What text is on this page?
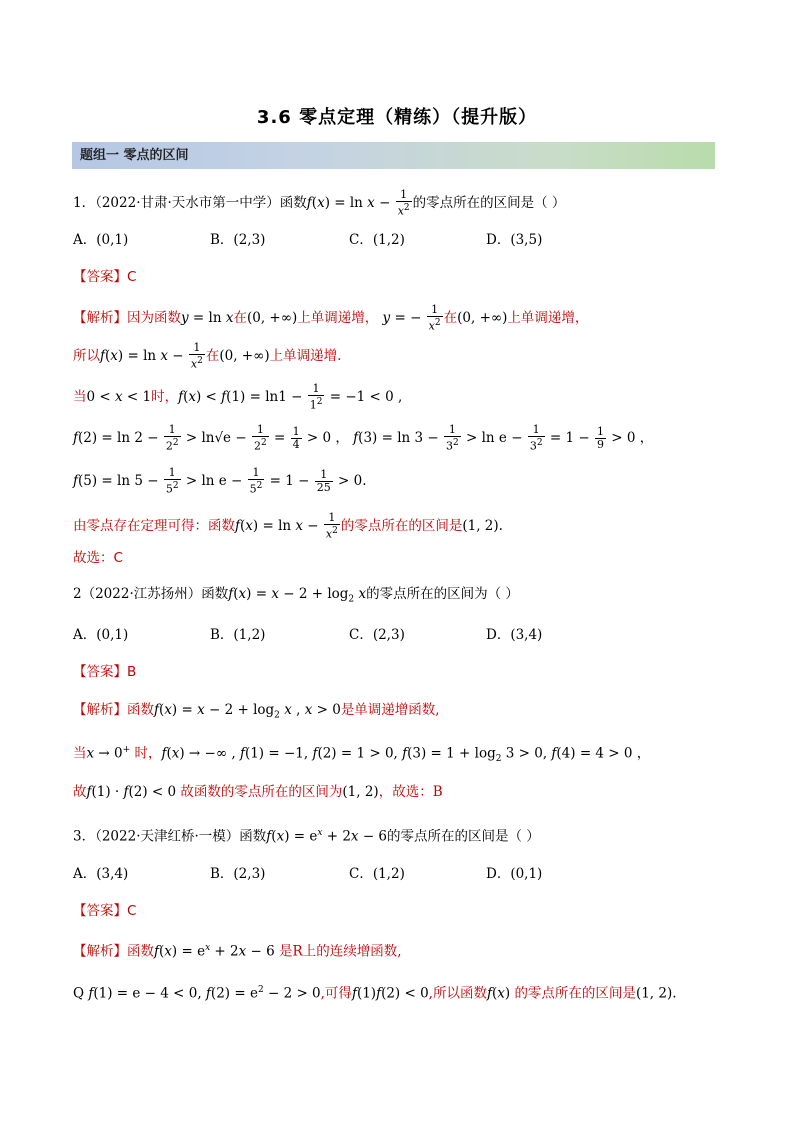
3.6 零点定理（精练）（提升版）
题组一 零点的区间
1．（2022·甘肃·天水市第一中学）函数$f(x) = \ln x - \frac{1}{x^2}$ 的零点所在的区间是（ ）
A．(0,1)	B．(2,3)	C．(1,2)	D．(3,5)
【答案】C
【解析】因为函数y = ln x在(0, +∞)上单调递增， y = − $\frac{1}{x^2}$ 在(0, +∞)上单调递增，
所以$f(x) = \ln x - \frac{1}{x^2}$ 在(0, +∞)上单调递增.
当0 < x < 1时，$f(x) < f(1) = \ln 1 - \frac{1}{1^2} = -1 < 0$ ,
$f(2) = \ln 2 - \frac{1}{2^2} > \ln√e - \frac{1}{2^2} = \frac{1}{4} > 0$ ， $f(3) = \ln 3 - \frac{1}{3^2} > \ln e - \frac{1}{3^2} = 1 - \frac{1}{9} > 0$ ，
$f(5) = \ln 5 - \frac{1}{5^2} > \ln e - \frac{1}{5^2} = 1 - \frac{1}{25} > 0$.
由零点存在定理可得：函数$f(x) = \ln x - \frac{1}{x^2}$ 的零点所在的区间是(1, 2).
故选：C
2（2022·江苏扬州）函数$f(x) = x - 2 + \log_2 x$的零点所在的区间为（ ）
A．(0,1)	B．(1,2)	C．(2,3)	D．(3,4)
【答案】B
【解析】函数$f(x) = x - 2 + \log_2 x$ , x > 0是单调递增函数,
当x → 0+ 时，f(x) → −∞ , f(1) = −1, f(2) = 1 > 0, $f(3) = 1 + \log_2 3 > 0$, f(4) = 4 > 0 ，
故f(1) · f(2) < 0 故函数的零点所在的区间为(1, 2)，故选：B
3．（2022·天津红桥·一模）函数$f(x) = e^x + 2x - 6$的零点所在的区间是（ ）
A．(3,4)	B．(2,3)	C．(1,2)	D．(0,1)
【答案】C
【解析】函数$f(x) = e^x + 2x - 6$ 是R上的连续增函数,
Q f(1) = e − 4 < 0, $f(2) = e^2 - 2 > 0$,可得f(1)f(2) < 0,所以函数f(x) 的零点所在的区间是(1, 2).
